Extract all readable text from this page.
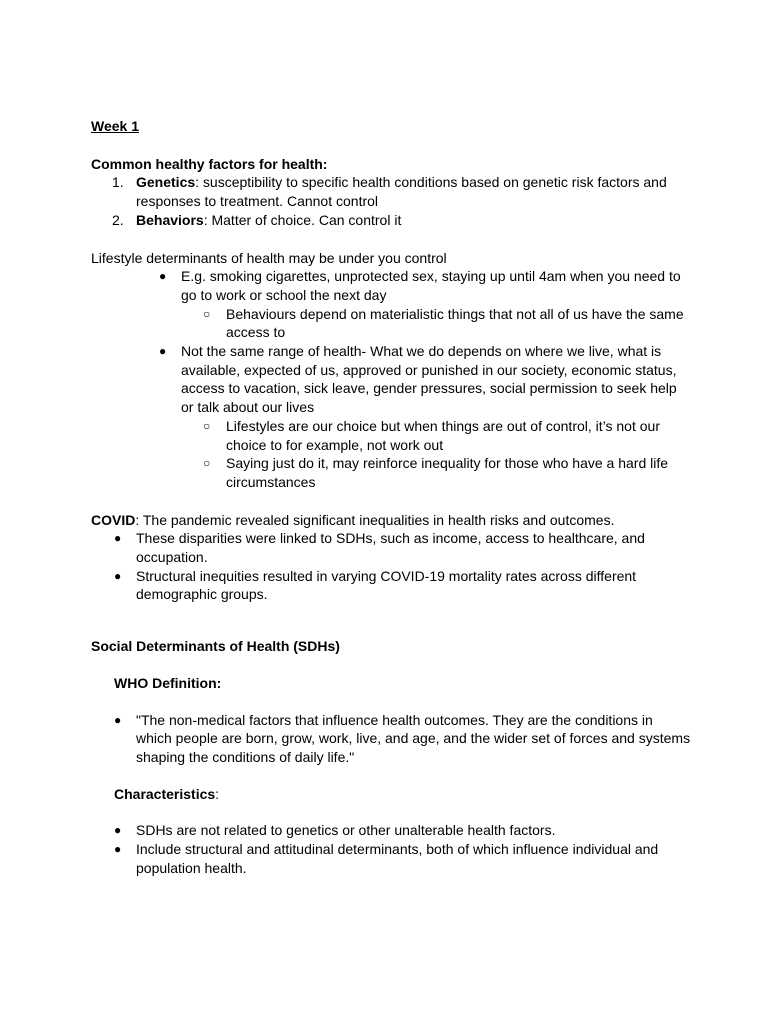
Week 1

Common healthy factors for health:

1. Genetics: susceptibility to specific health conditions based on genetic risk factors and responses to treatment. Cannot control
2. Behaviors: Matter of choice. Can control it

Lifestyle determinants of health may be under you control

● E.g. smoking cigarettes, unprotected sex, staying up until 4am when you need to go to work or school the next day
○ Behaviours depend on materialistic things that not all of us have the same access to
● Not the same range of health- What we do depends on where we live, what is available, expected of us, approved or punished in our society, economic status, access to vacation, sick leave, gender pressures, social permission to seek help or talk about our lives
○ Lifestyles are our choice but when things are out of control, it’s not our choice to for example, not work out
○ Saying just do it, may reinforce inequality for those who have a hard life circumstances

COVID: The pandemic revealed significant inequalities in health risks and outcomes.

● These disparities were linked to SDHs, such as income, access to healthcare, and occupation.
● Structural inequities resulted in varying COVID-19 mortality rates across different demographic groups.

Social Determinants of Health (SDHs)

WHO Definition:

● "The non-medical factors that influence health outcomes. They are the conditions in which people are born, grow, work, live, and age, and the wider set of forces and systems shaping the conditions of daily life."

Characteristics:

● SDHs are not related to genetics or other unalterable health factors.
● Include structural and attitudinal determinants, both of which influence individual and population health.
